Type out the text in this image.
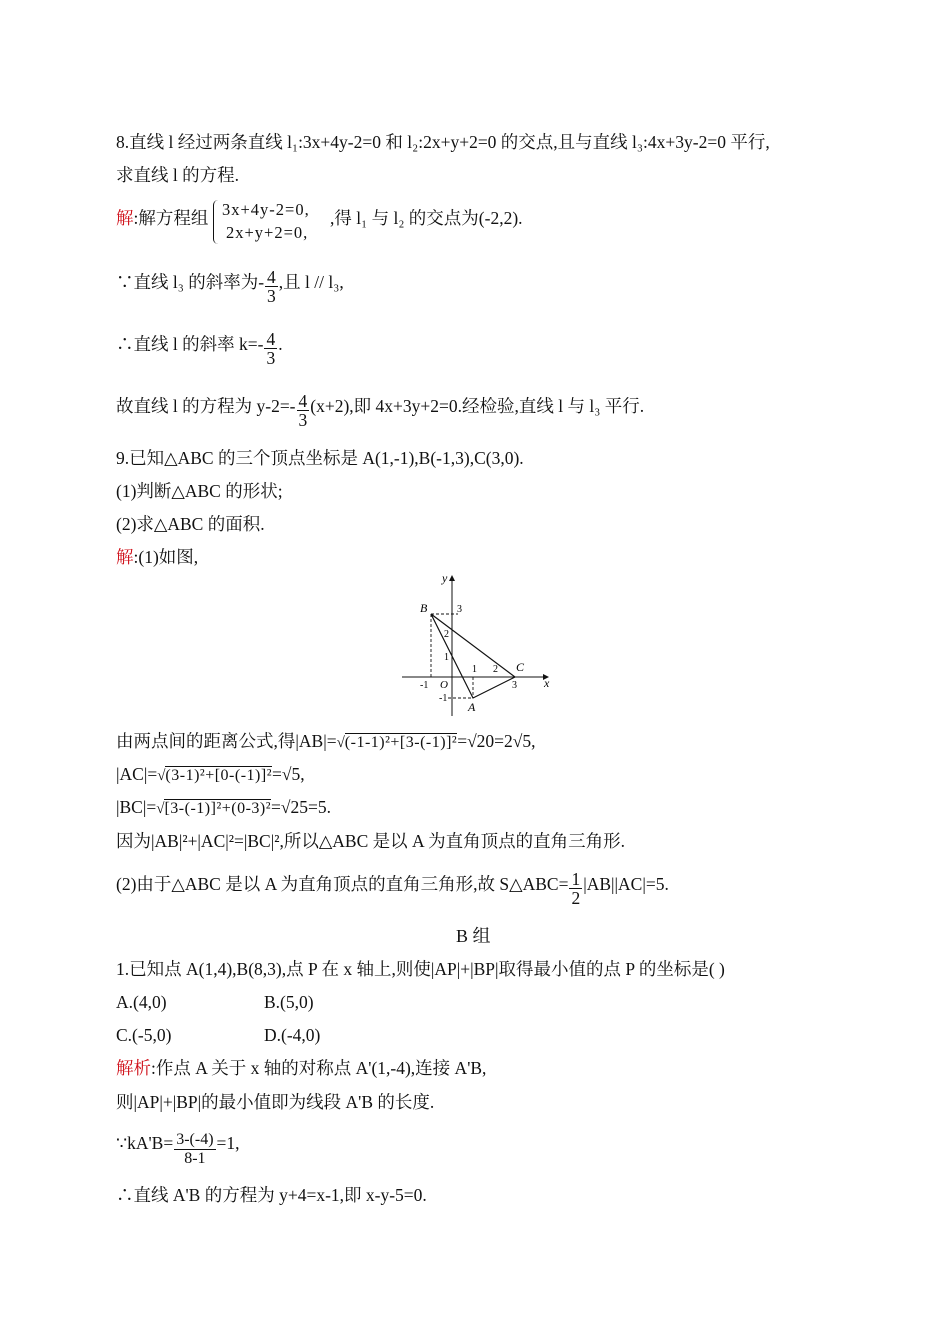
8.直线 l 经过两条直线 l₁:3x+4y-2=0 和 l₂:2x+y+2=0 的交点,且与直线 l₃:4x+3y-2=0 平行,
求直线 l 的方程.
解:解方程组 3x+4y-2=0,
2x+y+2=0,
,得 l₁ 与 l₂ 的交点为(-2,2).
∵直线 l₃ 的斜率为- $\frac{4}{3}$ ,且 l // l₃,
∴直线 l 的斜率 $k=- \frac{4}{3}$ .
故直线 l 的方程为 $y-2=- \frac{4}{3} (x+2)$,即 4x+3y+2=0.经检验,直线 l 与 l₃ 平行.
9.已知△ABC 的三个顶点坐标是 A(1,-1),B(-1,3),C(3,0).
(1)判断△ABC 的形状;
(2)求△ABC 的面积.
解:(1)如图,
x
y
O
-1
1 2
3
-1
1
2
3
A
B
C
由两点间的距离公式,得|AB|=√(-1-1)²+[3-(-1)]²=√20=2√5,
|AC|=√(3-1)²+[0-(-1)]²=√5,
|BC|=√[3-(-1)]²+(0-3)²=√25=5.
因为|AB|²+|AC|²=|BC|²,所以△ABC 是以 A 为直角顶点的直角三角形.
(2)由于△ABC 是以 A 为直角顶点的直角三角形,故 S△ABC= $\frac{1}{2} |AB||AC|=5$.
B 组
1.已知点 A(1,4),B(8,3),点 P 在 x 轴上,则使|AP|+|BP|取得最小值的点 P 的坐标是( )
A.(4,0)	B.(5,0)
C.(-5,0)	D.(-4,0)
解析:作点 A 关于 x 轴的对称点 A'(1,-4),连接 A'B,
则|AP|+|BP|的最小值即为线段 A'B 的长度.
∵kA'B= $\frac{3-(-4)}{8-1} =1$,
∴直线 A'B 的方程为 y+4=x-1,即 x-y-5=0.
